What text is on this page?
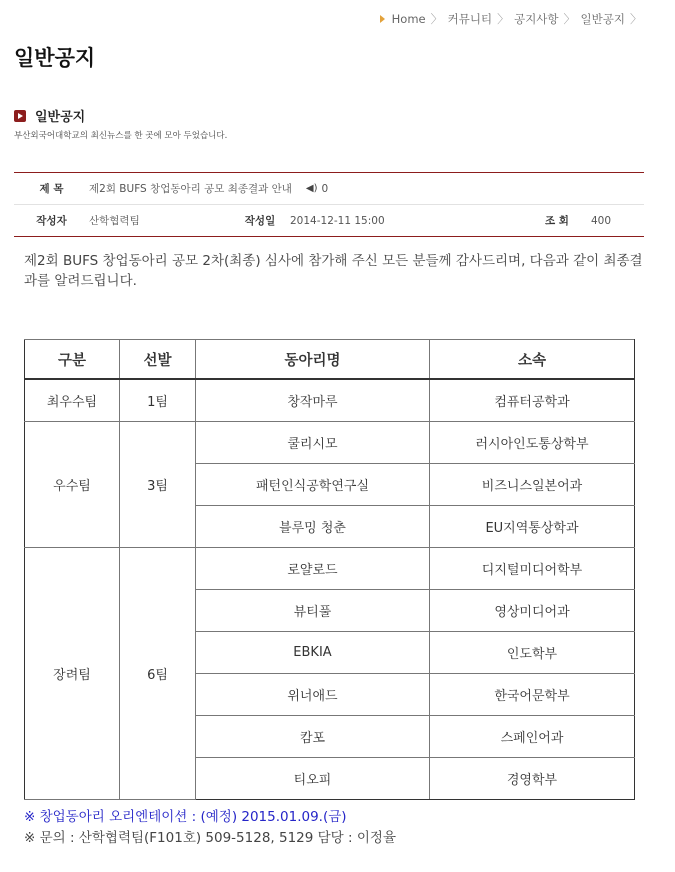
Home 〉 커뮤니티 〉 공지사항 〉 일반공지 〉
일반공지
일반공지
부산외국어대학교의 최신뉴스를 한 곳에 모아 두었습니다.
제 목	제2회 BUFS 창업동아리 공모 최종결과 안내 ◀) 0
작성자	산학협력팀	작성일	2014-12-11 15:00	조 회	400

제2회 BUFS 창업동아리 공모 2차(최종) 심사에 참가해 주신 모든 분들께 감사드리며, 다음과 같이 최종결과를 알려드립니다.

구분	선발	동아리명	소속
최우수팀	1팀	창작마루	컴퓨터공학과
우수팀	3팀	쿨리시모	러시아인도통상학부
		패턴인식공학연구실	비즈니스일본어과
		블루밍 청춘	EU지역통상학과
장려팀	6팀	로얄로드	디지털미디어학부
		뷰티풀	영상미디어과
		EBKIA	인도학부
		위너애드	한국어문학부
		캄포	스페인어과
		티오피	경영학부
※ 창업동아리 오리엔테이션 : (예정) 2015.01.09.(금)
※ 문의 : 산학협력팀(F101호) 509-5128, 5129 담당 : 이정율
